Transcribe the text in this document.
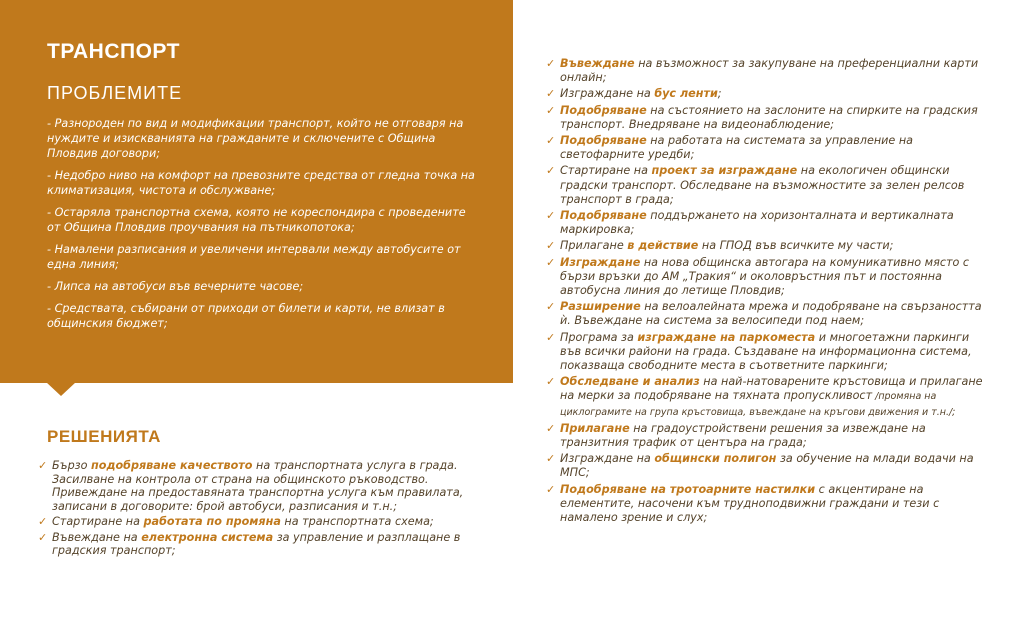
ТРАНСПОРТ
ПРОБЛЕМИТЕ
- Разнороден по вид и модификации транспорт, който не отговаря на нуждите и изискванията на гражданите и сключените с Община Пловдив договори;
- Недобро ниво на комфорт на превозните средства от гледна точка на климатизация, чистота и обслужване;
- Остаряла транспортна схема, която не кореспондира с проведените от Община Пловдив проучвания на пътникопотока;
- Намалени разписания и увеличени интервали между автобусите от една линия;
- Липса на автобуси във вечерните часове;
- Средствата, събирани от приходи от билети и карти, не влизат в общинския бюджет;
РЕШЕНИЯТА
✓ Бързо подобряване качеството на транспортната услуга в града. Засилване на контрола от страна на общинското ръководство. Привеждане на предоставяната транспортна услуга към правилата, записани в договорите: брой автобуси, разписания и т.н.;
✓ Стартиране на работата по промяна на транспортната схема;
✓ Въвеждане на електронна система за управление и разплащане в градския транспорт;
✓ Въвеждане на възможност за закупуване на преференциални карти онлайн;
✓ Изграждане на бус ленти;
✓ Подобряване на състоянието на заслоните на спирките на градския транспорт. Внедряване на видеонаблюдение;
✓ Подобряване на работата на системата за управление на светофарните уредби;
✓ Стартиране на проект за изграждане на екологичен общински градски транспорт. Обследване на възможностите за зелен релсов транспорт в града;
✓ Подобряване поддържането на хоризонталната и вертикалната маркировка;
✓ Прилагане в действие на ГПОД във всичките му части;
✓ Изграждане на нова общинска автогара на комуникативно място с бързи връзки до АМ „Тракия“ и околовръстния път и постоянна автобусна линия до летище Пловдив;
✓ Разширение на велоалейната мрежа и подобряване на свързаността ѝ. Въвеждане на система за велосипеди под наем;
✓ Програма за изграждане на паркоместа и многоетажни паркинги във всички райони на града. Създаване на информационна система, показваща свободните места в съответните паркинги;
✓ Обследване и анализ на най-натоварените кръстовища и прилагане на мерки за подобряване на тяхната пропускливост /промяна на циклограмите на група кръстовища, въвеждане на кръгови движения и т.н./;
✓ Прилагане на градоустройствени решения за извеждане на транзитния трафик от центъра на града;
✓ Изграждане на общински полигон за обучение на млади водачи на МПС;
✓ Подобряване на тротоарните настилки с акцентиране на елементите, насочени към трудноподвижни граждани и тези с намалено зрение и слух;
